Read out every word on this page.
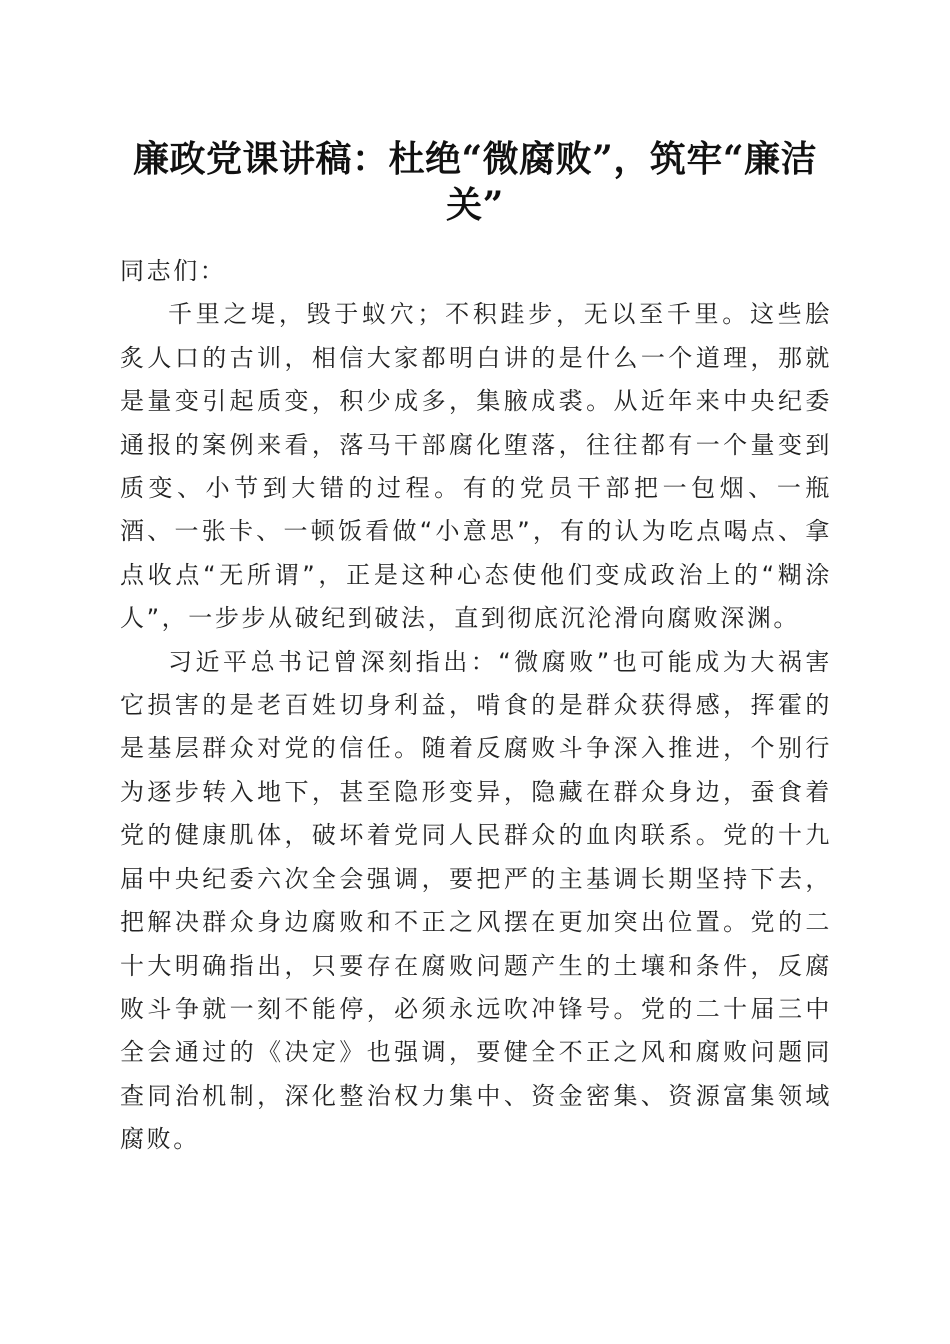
廉政党课讲稿：杜绝“微腐败”，筑牢“廉洁关”

同志们：

千里之堤，毁于蚁穴；不积跬步，无以至千里。这些脍炙人口的古训，相信大家都明白讲的是什么一个道理，那就是量变引起质变，积少成多，集腋成裘。从近年来中央纪委通报的案例来看，落马干部腐化堕落，往往都有一个量变到质变、小节到大错的过程。有的党员干部把一包烟、一瓶酒、一张卡、一顿饭看做“小意思”，有的认为吃点喝点、拿点收点“无所谓”，正是这种心态使他们变成政治上的“糊涂人”，一步步从破纪到破法，直到彻底沉沦滑向腐败深渊。

习近平总书记曾深刻指出：“微腐败”也可能成为大祸害它损害的是老百姓切身利益，啃食的是群众获得感，挥霍的是基层群众对党的信任。随着反腐败斗争深入推进，个别行为逐步转入地下，甚至隐形变异，隐藏在群众身边，蚕食着党的健康肌体，破坏着党同人民群众的血肉联系。党的十九届中央纪委六次全会强调，要把严的主基调长期坚持下去，把解决群众身边腐败和不正之风摆在更加突出位置。党的二十大明确指出，只要存在腐败问题产生的土壤和条件，反腐败斗争就一刻不能停，必须永远吹冲锋号。党的二十届三中全会通过的《决定》也强调，要健全不正之风和腐败问题同查同治机制，深化整治权力集中、资金密集、资源富集领域腐败。
